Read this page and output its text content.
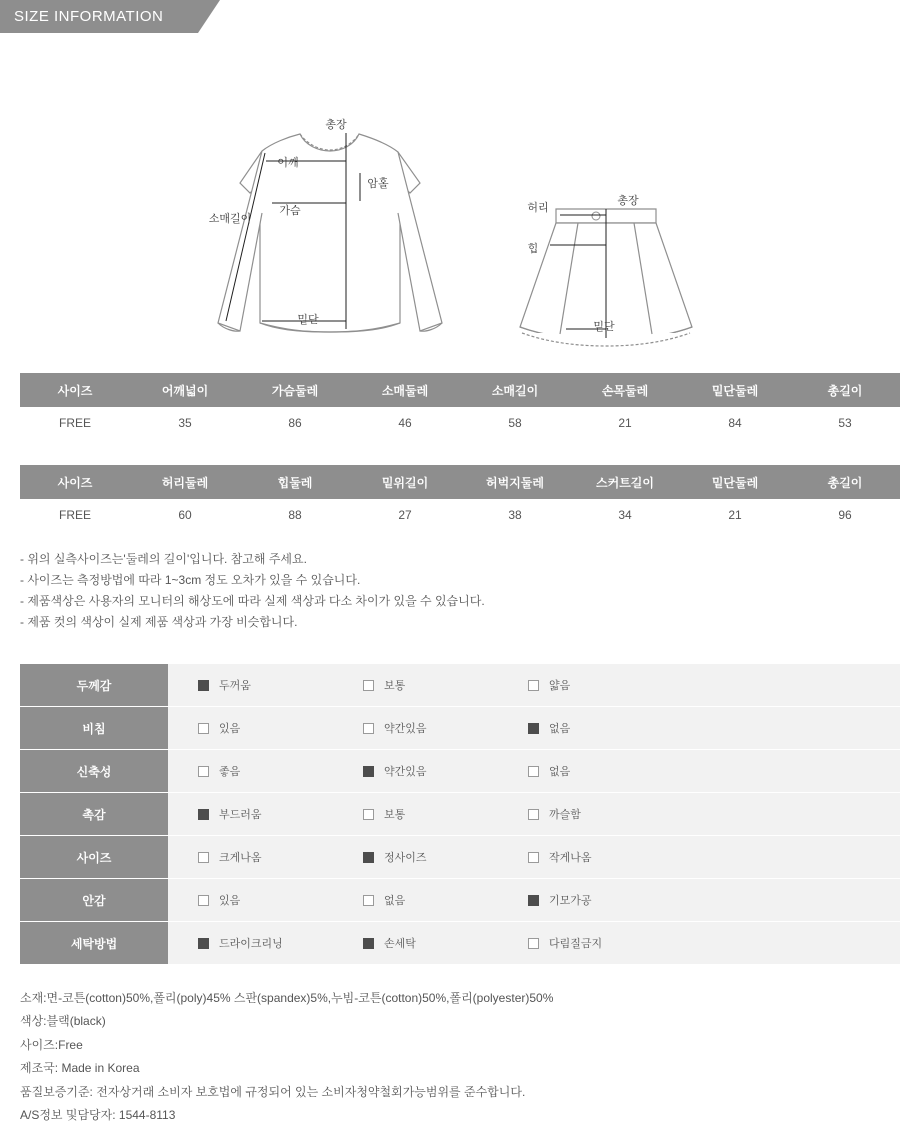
SIZE INFORMATION
총장
어깨
암홀
가슴
소매길이
밑단
허리
총장
힙
밑단
사이즈	어깨넓이	가슴둘레	소매둘레	소매길이	손목둘레	밑단둘레	총길이
FREE	35	86	46	58	21	84	53
사이즈	허리둘레	힙둘레	밑위길이	허벅지둘레	스커트길이	밑단둘레	총길이
FREE	60	88	27	38	34	21	96
- 위의 실측사이즈는'둘레의 길이'입니다. 참고해 주세요.
- 사이즈는 측정방법에 따라 1~3cm 정도 오차가 있을 수 있습니다.
- 제품색상은 사용자의 모니터의 해상도에 따라 실제 색상과 다소 차이가 있을 수 있습니다.
- 제품 컷의 색상이 실제 제품 색상과 가장 비슷합니다.
두께감	두꺼움 보통 얇음

비침	있음 약간있음 없음

신축성	좋음 약간있음 없음

촉감	부드러움 보통 까슬함

사이즈	크게나옴 정사이즈 작게나옴

안감	있음 없음 기모가공

세탁방법	드라이크리닝 손세탁 다림질금지
소재:면-코튼(cotton)50%,폴리(poly)45% 스판(spandex)5%,누빔-코튼(cotton)50%,폴리(polyester)50%
색상:블랙(black)
사이즈:Free
제조국: Made in Korea
품질보증기준: 전자상거래 소비자 보호법에 규정되어 있는 소비자청약철회가능범위를 준수합니다.
A/S정보 및담당자: 1544-8113
